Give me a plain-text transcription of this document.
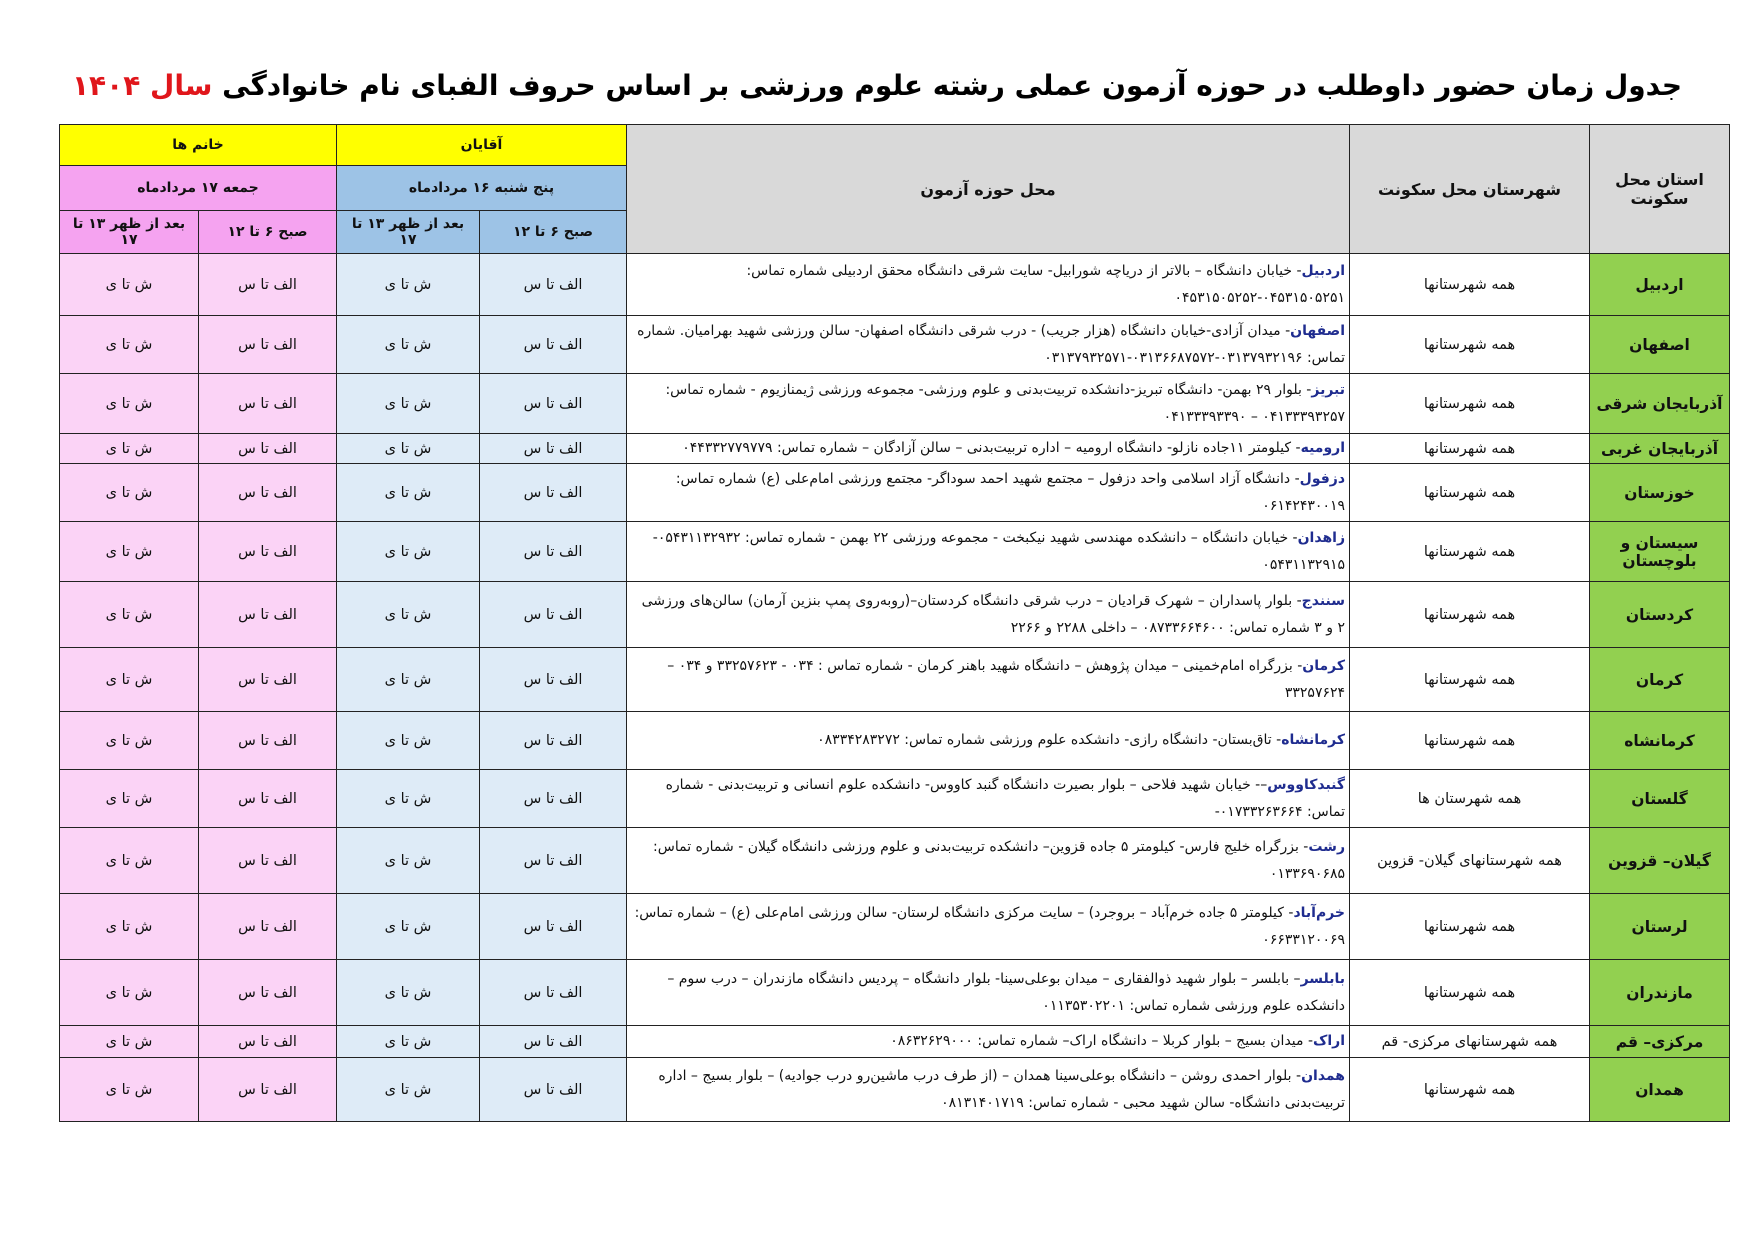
جدول زمان حضور داوطلب در حوزه آزمون عملی رشته علوم ورزشی بر اساس حروف الفبای نام خانوادگی سال ۱۴۰۴
استان محل سکونت	شهرستان محل سکونت	محل حوزه آزمون	آقایان		خانم ها	
			پنج شنبه ۱۶ مردادماه		جمعه ۱۷ مردادماه	
			صبح ۶ تا ۱۲	بعد از ظهر ۱۳ تا ۱۷	صبح ۶ تا ۱۲	بعد از ظهر ۱۳ تا ۱۷
اردبیل	همه شهرستانها	اردبیل- خیابان دانشگاه – بالاتر از دریاچه شورابیل- سایت شرقی دانشگاه محقق اردبیلی شماره تماس: ۰۴۵۳۱۵۰۵۲۵۱-۰۴۵۳۱۵۰۵۲۵۲	الف تا س	ش تا ی	الف تا س	ش تا ی
اصفهان	همه شهرستانها	اصفهان- میدان آزادی-خیابان دانشگاه (هزار جریب) - درب شرقی دانشگاه اصفهان- سالن ورزشی شهید بهرامیان. شماره تماس: ۰۳۱۳۷۹۳۲۱۹۶-۰۳۱۳۶۶۸۷۵۷۲-۰۳۱۳۷۹۳۲۵۷۱	الف تا س	ش تا ی	الف تا س	ش تا ی
آذربایجان شرقی	همه شهرستانها	تبریز- بلوار ۲۹ بهمن- دانشگاه تبریز-دانشکده تربیت‌بدنی و علوم ورزشی- مجموعه ورزشی ژیمنازیوم - شماره تماس: ۰۴۱۳۳۳۹۳۲۵۷ – ۰۴۱۳۳۳۹۳۳۹۰	الف تا س	ش تا ی	الف تا س	ش تا ی
آذربایجان غربی	همه شهرستانها	ارومیه- کیلومتر ۱۱جاده نازلو- دانشگاه ارومیه – اداره تربیت‌بدنی – سالن آزادگان – شماره تماس: ۰۴۴۳۳۲۷۷۹۷۷۹	الف تا س	ش تا ی	الف تا س	ش تا ی
خوزستان	همه شهرستانها	دزفول- دانشگاه آزاد اسلامی واحد دزفول – مجتمع شهید احمد سوداگر- مجتمع ورزشی امام‌علی (ع) شماره تماس: ۰۶۱۴۲۴۳۰۰۱۹	الف تا س	ش تا ی	الف تا س	ش تا ی
سیستان و بلوچستان	همه شهرستانها	زاهدان- خیابان دانشگاه – دانشکده مهندسی شهید نیکبخت - مجموعه ورزشی ۲۲ بهمن - شماره تماس: ۰۵۴۳۱۱۳۲۹۳۲- ۰۵۴۳۱۱۳۲۹۱۵	الف تا س	ش تا ی	الف تا س	ش تا ی
کردستان	همه شهرستانها	سنندج- بلوار پاسداران – شهرک قرادیان – درب شرقی دانشگاه کردستان–(روبه‌روی پمپ بنزین آرمان) سالن‌های ورزشی ۲ و ۳ شماره تماس: ۰۸۷۳۳۶۶۴۶۰۰ – داخلی ۲۲۸۸ و ۲۲۶۶	الف تا س	ش تا ی	الف تا س	ش تا ی
کرمان	همه شهرستانها	کرمان- بزرگراه امام‌خمینی – میدان پژوهش – دانشگاه شهید باهنر کرمان - شماره تماس : ۰۳۴ - ۳۳۲۵۷۶۲۳ و ۰۳۴ – ۳۳۲۵۷۶۲۴	الف تا س	ش تا ی	الف تا س	ش تا ی
کرمانشاه	همه شهرستانها	کرمانشاه- تاق‌بستان- دانشگاه رازی- دانشکده علوم ورزشی شماره تماس: ۰۸۳۳۴۲۸۳۲۷۲	الف تا س	ش تا ی	الف تا س	ش تا ی
گلستان	همه شهرستان ها	گنبدکاووس–- خیابان شهید فلاحی – بلوار بصیرت دانشگاه گنبد کاووس- دانشکده علوم انسانی و تربیت‌بدنی - شماره تماس: ۰۱۷۳۳۲۶۳۶۶۴-	الف تا س	ش تا ی	الف تا س	ش تا ی
گیلان– قزوین	همه شهرستانهای گیلان- قزوین	رشت- بزرگراه خلیج فارس- کیلومتر ۵ جاده قزوین– دانشکده تربیت‌بدنی و علوم ورزشی دانشگاه گیلان - شماره تماس: ۰۱۳۳۶۹۰۶۸۵	الف تا س	ش تا ی	الف تا س	ش تا ی
لرستان	همه شهرستانها	خرم‌آباد- کیلومتر ۵ جاده خرم‌آباد – بروجرد) – سایت مرکزی دانشگاه لرستان- سالن ورزشی امام‌علی (ع) – شماره تماس: ۰۶۶۳۳۱۲۰۰۶۹	الف تا س	ش تا ی	الف تا س	ش تا ی
مازندران	همه شهرستانها	بابلسر– بابلسر – بلوار شهید ذوالفقاری – میدان بوعلی‌سینا- بلوار دانشگاه – پردیس دانشگاه مازندران – درب سوم – دانشکده علوم ورزشی شماره تماس: ۰۱۱۳۵۳۰۲۲۰۱	الف تا س	ش تا ی	الف تا س	ش تا ی
مرکزی– قم	همه شهرستانهای مرکزی- قم	اراک- میدان بسیج – بلوار کربلا – دانشگاه اراک– شماره تماس: ۰۸۶۳۲۶۲۹۰۰۰	الف تا س	ش تا ی	الف تا س	ش تا ی
همدان	همه شهرستانها	همدان- بلوار احمدی روشن – دانشگاه بوعلی‌سینا همدان – (از طرف درب ماشین‌رو درب جوادیه) – بلوار بسیج – اداره تربیت‌بدنی دانشگاه- سالن شهید محبی - شماره تماس: ۰۸۱۳۱۴۰۱۷۱۹	الف تا س	ش تا ی	الف تا س	ش تا ی
